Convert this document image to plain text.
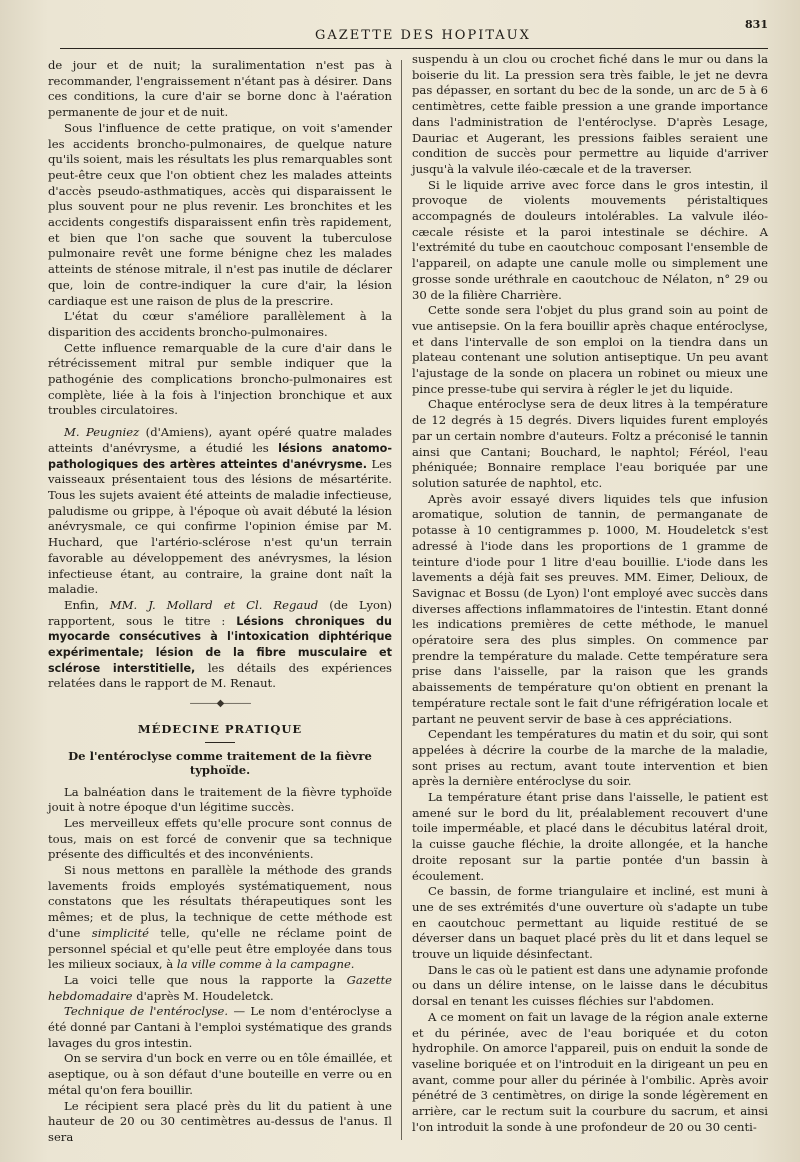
GAZETTE DES HOPITAUX
831

de jour et de nuit; la suralimentation n'est pas à recommander, l'engraissement n'étant pas à désirer. Dans ces conditions, la cure d'air se borne donc à l'aération permanente de jour et de nuit.

Sous l'influence de cette pratique, on voit s'amender les accidents broncho-pulmonaires, de quelque nature qu'ils soient, mais les résultats les plus remarquables sont peut-être ceux que l'on obtient chez les malades atteints d'accès pseudo-asthmatiques, accès qui disparaissent le plus souvent pour ne plus revenir. Les bronchites et les accidents congestifs disparaissent enfin très rapidement, et bien que l'on sache que souvent la tuberculose pulmonaire revêt une forme bénigne chez les malades atteints de sténose mitrale, il n'est pas inutile de déclarer que, loin de contre-indiquer la cure d'air, la lésion cardiaque est une raison de plus de la prescrire.

L'état du cœur s'améliore parallèlement à la disparition des accidents broncho-pulmonaires.

Cette influence remarquable de la cure d'air dans le rétrécissement mitral pur semble indiquer que la pathogénie des complications broncho-pulmonaires est complète, liée à la fois à l'injection bronchique et aux troubles circulatoires.

M. Peugniez (d'Amiens), ayant opéré quatre malades atteints d'anévrysme, a étudié les lésions anatomo-pathologiques des artères atteintes d'anévrysme. Les vaisseaux présentaient tous des lésions de mésartérite. Tous les sujets avaient été atteints de maladie infectieuse, paludisme ou grippe, à l'époque où avait débuté la lésion anévrysmale, ce qui confirme l'opinion émise par M. Huchard, que l'artério-sclérose n'est qu'un terrain favorable au développement des anévrysmes, la lésion infectieuse étant, au contraire, la graine dont naît la maladie.

Enfin, MM. J. Mollard et Cl. Regaud (de Lyon) rapportent, sous le titre : Lésions chroniques du myocarde consécutives à l'intoxication diphtérique expérimentale; lésion de la fibre musculaire et sclérose interstitielle, les détails des expériences relatées dans le rapport de M. Renaut.

———◆———
MÉDECINE PRATIQUE
De l'entéroclyse comme traitement de la fièvre typhoïde.

La balnéation dans le traitement de la fièvre typhoïde jouit à notre époque d'un légitime succès.

Les merveilleux effets qu'elle procure sont connus de tous, mais on est forcé de convenir que sa technique présente des difficultés et des inconvénients.

Si nous mettons en parallèle la méthode des grands lavements froids employés systématiquement, nous constatons que les résultats thérapeutiques sont les mêmes; et de plus, la technique de cette méthode est d'une simplicité telle, qu'elle ne réclame point de personnel spécial et qu'elle peut être employée dans tous les milieux sociaux, à la ville comme à la campagne.

La voici telle que nous la rapporte la Gazette hebdomadaire d'après M. Houdeletck.

Technique de l'entéroclyse. — Le nom d'entéroclyse a été donné par Cantani à l'emploi systématique des grands lavages du gros intestin.

On se servira d'un bock en verre ou en tôle émaillée, et aseptique, ou à son défaut d'une bouteille en verre ou en métal qu'on fera bouillir.

Le récipient sera placé près du lit du patient à une hauteur de 20 ou 30 centimètres au-dessus de l'anus. Il sera

suspendu à un clou ou crochet fiché dans le mur ou dans la boiserie du lit. La pression sera très faible, le jet ne devra pas dépasser, en sortant du bec de la sonde, un arc de 5 à 6 centimètres, cette faible pression a une grande importance dans l'administration de l'entéroclyse. D'après Lesage, Dauriac et Augerant, les pressions faibles seraient une condition de succès pour permettre au liquide d'arriver jusqu'à la valvule iléo-cæcale et de la traverser.

Si le liquide arrive avec force dans le gros intestin, il provoque de violents mouvements péristaltiques accompagnés de douleurs intolérables. La valvule iléo-cæcale résiste et la paroi intestinale se déchire. A l'extrémité du tube en caoutchouc composant l'ensemble de l'appareil, on adapte une canule molle ou simplement une grosse sonde uréthrale en caoutchouc de Nélaton, n° 29 ou 30 de la filière Charrière.

Cette sonde sera l'objet du plus grand soin au point de vue antisepsie. On la fera bouillir après chaque entéroclyse, et dans l'intervalle de son emploi on la tiendra dans un plateau contenant une solution antiseptique. Un peu avant l'ajustage de la sonde on placera un robinet ou mieux une pince presse-tube qui servira à régler le jet du liquide.

Chaque entéroclyse sera de deux litres à la température de 12 degrés à 15 degrés. Divers liquides furent employés par un certain nombre d'auteurs. Foltz a préconisé le tannin ainsi que Cantani; Bouchard, le naphtol; Féréol, l'eau phéniquée; Bonnaire remplace l'eau boriquée par une solution saturée de naphtol, etc.

Après avoir essayé divers liquides tels que infusion aromatique, solution de tannin, de permanganate de potasse à 10 centigrammes p. 1000, M. Houdeletck s'est adressé à l'iode dans les proportions de 1 gramme de teinture d'iode pour 1 litre d'eau bouillie. L'iode dans les lavements a déjà fait ses preuves. MM. Eimer, Delioux, de Savignac et Bossu (de Lyon) l'ont employé avec succès dans diverses affections inflammatoires de l'intestin. Etant donné les indications premières de cette méthode, le manuel opératoire sera des plus simples. On commence par prendre la température du malade. Cette température sera prise dans l'aisselle, par la raison que les grands abaissements de température qu'on obtient en prenant la température rectale sont le fait d'une réfrigération locale et partant ne peuvent servir de base à ces appréciations.

Cependant les températures du matin et du soir, qui sont appelées à décrire la courbe de la marche de la maladie, sont prises au rectum, avant toute intervention et bien après la dernière entéroclyse du soir.

La température étant prise dans l'aisselle, le patient est amené sur le bord du lit, préalablement recouvert d'une toile imperméable, et placé dans le décubitus latéral droit, la cuisse gauche fléchie, la droite allongée, et la hanche droite reposant sur la partie pontée d'un bassin à écoulement.

Ce bassin, de forme triangulaire et incliné, est muni à une de ses extrémités d'une ouverture où s'adapte un tube en caoutchouc permettant au liquide restitué de se déverser dans un baquet placé près du lit et dans lequel se trouve un liquide désinfectant.

Dans le cas où le patient est dans une adynamie profonde ou dans un délire intense, on le laisse dans le décubitus dorsal en tenant les cuisses fléchies sur l'abdomen.

A ce moment on fait un lavage de la région anale externe et du périnée, avec de l'eau boriquée et du coton hydrophile. On amorce l'appareil, puis on enduit la sonde de vaseline boriquée et on l'introduit en la dirigeant un peu en avant, comme pour aller du périnée à l'ombilic. Après avoir pénétré de 3 centimètres, on dirige la sonde légèrement en arrière, car le rectum suit la courbure du sacrum, et ainsi l'on introduit la sonde à une profondeur de 20 ou 30 centi-
